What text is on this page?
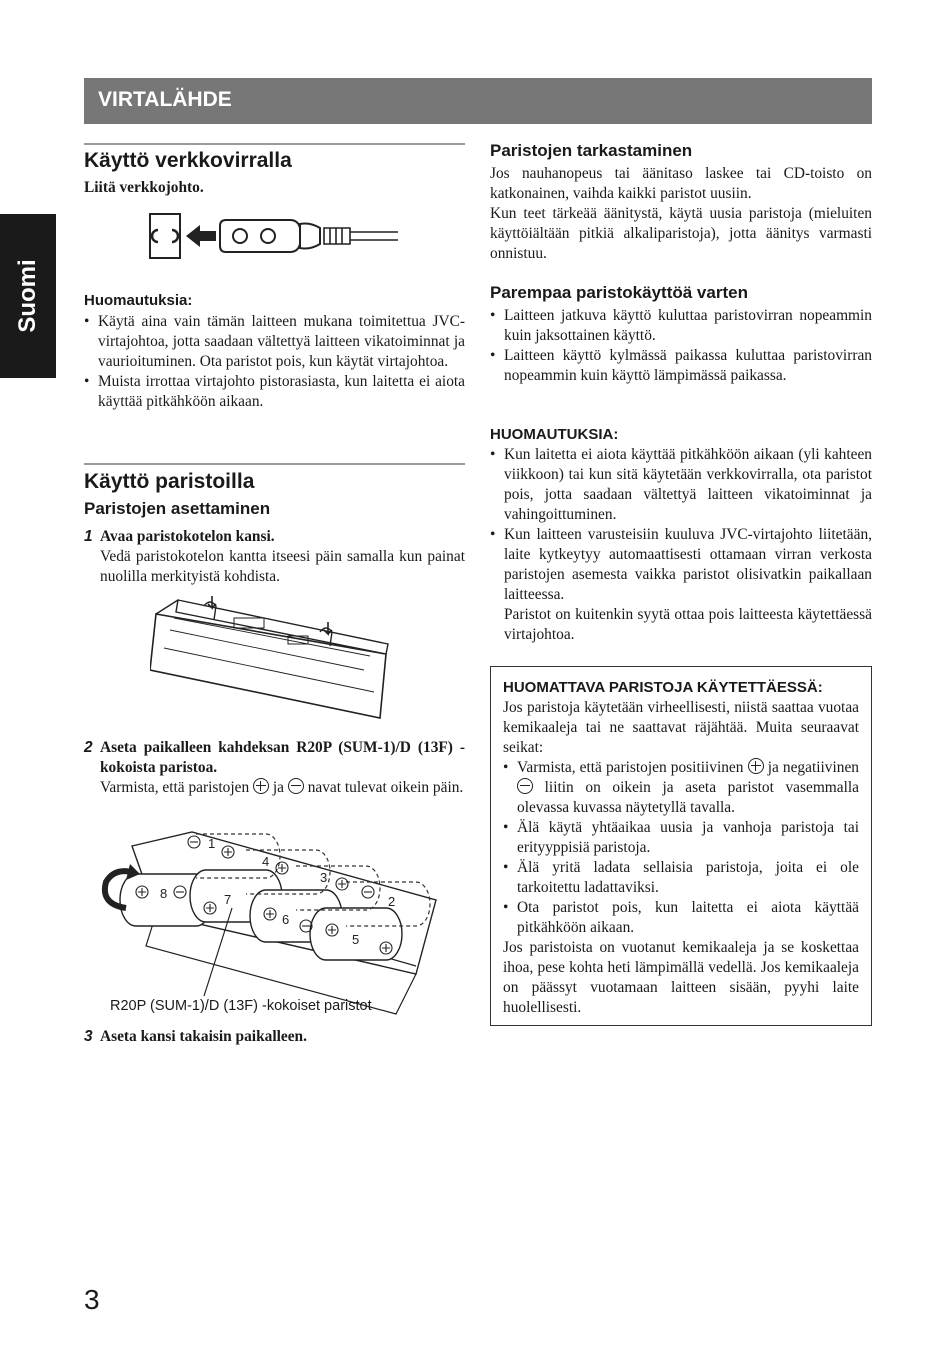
VIRTALÄHDE
Suomi
Käyttö verkkovirralla
Liitä verkkojohto.
Huomautuksia:
• Käytä aina vain tämän laitteen mukana toimitettua JVC-virtajohtoa, jotta saadaan vältettyä laitteen vikatoiminnat ja vaurioituminen. Ota paristot pois, kun käytät virtajohtoa.
• Muista irrottaa virtajohto pistorasiasta, kun laitetta ei aiota käyttää pitkähköön aikaan.
Käyttö paristoilla
Paristojen asettaminen
1 Avaa paristokotelon kansi.
Vedä paristokotelon kantta itseesi päin samalla kun painat nuolilla merkityistä kohdista.
2 Aseta paikalleen kahdeksan R20P (SUM-1)/D (13F) -kokoista paristoa.
Varmista, että paristojen ja navat tulevat oikein päin.
1
2
3
4
5
6
7
8
R20P (SUM-1)/D (13F) -kokoiset paristot
3 Aseta kansi takaisin paikalleen.
Paristojen tarkastaminen
Jos nauhanopeus tai äänitaso laskee tai CD-toisto on katkonainen, vaihda kaikki paristot uusiin.
Kun teet tärkeää äänitystä, käytä uusia paristoja (mieluiten käyttöiältään pitkiä alkaliparistoja), jotta äänitys varmasti onnistuu.
Parempaa paristokäyttöä varten
• Laitteen jatkuva käyttö kuluttaa paristovirran nopeammin kuin jaksottainen käyttö.
• Laitteen käyttö kylmässä paikassa kuluttaa paristovirran nopeammin kuin käyttö lämpimässä paikassa.
HUOMAUTUKSIA:
• Kun laitetta ei aiota käyttää pitkähköön aikaan (yli kahteen viikkoon) tai kun sitä käytetään verkkovirralla, ota paristot pois, jotta saadaan vältettyä laitteen vikatoiminnat ja vahingoittuminen.
• Kun laitteen varusteisiin kuuluva JVC-virtajohto liitetään, laite kytkeytyy automaattisesti ottamaan virran verkosta paristojen asemesta vaikka paristot olisivatkin paikallaan laitteessa.
Paristot on kuitenkin syytä ottaa pois laitteesta käytettäessä virtajohtoa.
HUOMATTAVA PARISTOJA KÄYTETTÄESSÄ:
Jos paristoja käytetään virheellisesti, niistä saattaa vuotaa kemikaaleja tai ne saattavat räjähtää. Muita seuraavat seikat:
• Varmista, että paristojen positiivinen ja negatiivinen  liitin on oikein ja aseta paristot vasemmalla olevassa kuvassa näytetyllä tavalla.
• Älä käytä yhtäaikaa uusia ja vanhoja paristoja tai erityyppisiä paristoja.
• Älä yritä ladata sellaisia paristoja, joita ei ole tarkoitettu ladattaviksi.
• Ota paristot pois, kun laitetta ei aiota käyttää pitkähköön aikaan.
Jos paristoista on vuotanut kemikaaleja ja se koskettaa ihoa, pese kohta heti lämpimällä vedellä. Jos kemikaaleja on päässyt vuotamaan laitteen sisään, pyyhi laite huolellisesti.
3
